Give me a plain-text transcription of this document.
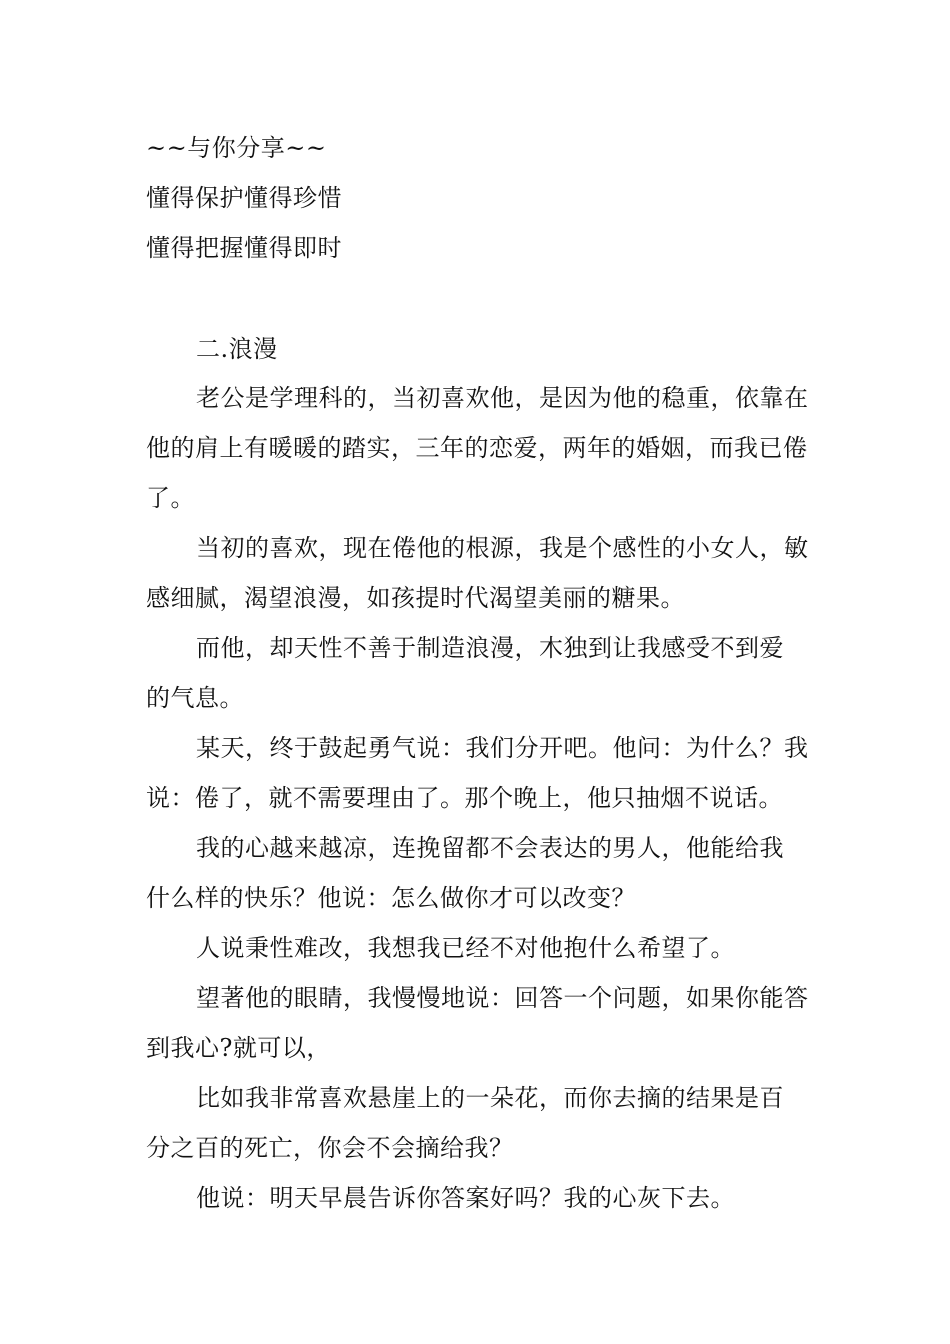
~~与你分享~~
懂得保护懂得珍惜
懂得把握懂得即时
二.浪漫
老公是学理科的，当初喜欢他，是因为他的稳重，依靠在
他的肩上有暖暖的踏实，三年的恋爱，两年的婚姻，而我已倦
了。
当初的喜欢，现在倦他的根源，我是个感性的小女人，敏
感细腻，渴望浪漫，如孩提时代渴望美丽的糖果。
而他，却天性不善于制造浪漫，木独到让我感受不到爱
的气息。
某天，终于鼓起勇气说：我们分开吧。他问：为什么？我
说：倦了，就不需要理由了。那个晚上，他只抽烟不说话。
我的心越来越凉，连挽留都不会表达的男人，他能给我
什么样的快乐？他说：怎么做你才可以改变？
人说秉性难改，我想我已经不对他抱什么希望了。
望著他的眼睛，我慢慢地说：回答一个问题，如果你能答
到我心?就可以，
比如我非常喜欢悬崖上的一朵花，而你去摘的结果是百
分之百的死亡，你会不会摘给我？
他说：明天早晨告诉你答案好吗？我的心灰下去。
